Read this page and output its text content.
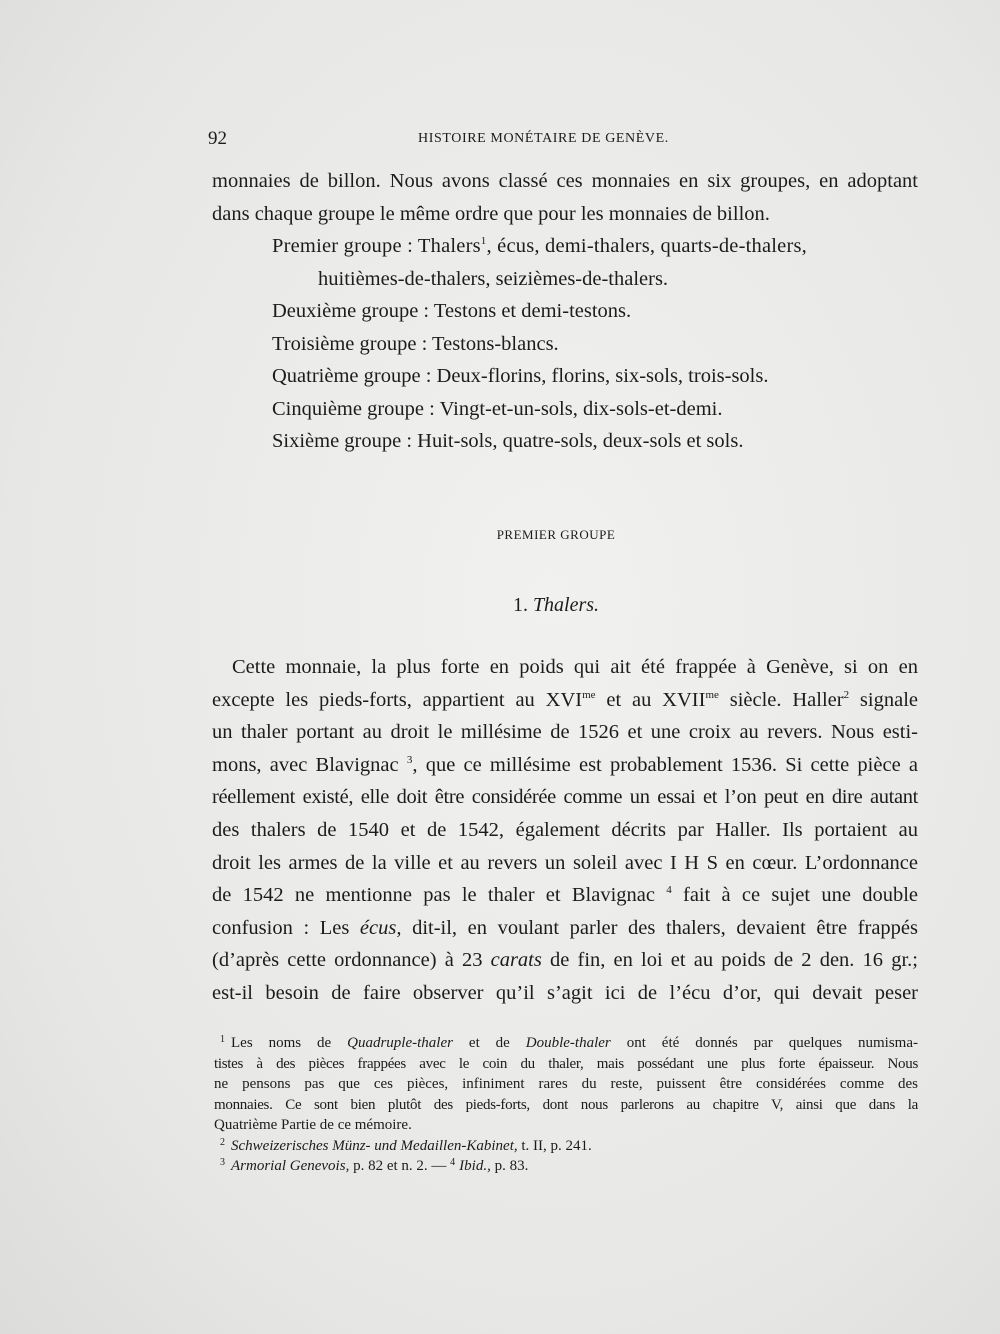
92	HISTOIRE MONÉTAIRE DE GENÈVE.
monnaies de billon. Nous avons classé ces monnaies en six groupes, en adoptant
dans chaque groupe le même ordre que pour les monnaies de billon.
Premier groupe : Thalers$^1$, écus, demi-thalers, quarts-de-thalers,
huitièmes-de-thalers, seizièmes-de-thalers.
Deuxième groupe : Testons et demi-testons.
Troisième groupe : Testons-blancs.
Quatrième groupe : Deux-florins, florins, six-sols, trois-sols.
Cinquième groupe : Vingt-et-un-sols, dix-sols-et-demi.
Sixième groupe : Huit-sols, quatre-sols, deux-sols et sols.
PREMIER GROUPE
1. Thalers.
Cette monnaie, la plus forte en poids qui ait été frappée à Genève, si on en
excepte les pieds-forts, appartient au $XVI^{me}$ et au $XVII^{me}$ siècle. Haller$^2$ signale
un thaler portant au droit le millésime de 1526 et une croix au revers. Nous esti-
mons, avec Blavignac $^3$, que ce millésime est probablement 1536. Si cette pièce a
réellement existé, elle doit être considérée comme un essai et l’on peut en dire autant
des thalers de 1540 et de 1542, également décrits par Haller. Ils portaient au
droit les armes de la ville et au revers un soleil avec I H S en cœur. L’ordonnance
de 1542 ne mentionne pas le thaler et Blavignac $^4$ fait à ce sujet une double
confusion : Les écus, dit-il, en voulant parler des thalers, devaient être frappés
(d’après cette ordonnance) à 23 carats de fin, en loi et au poids de 2 den. 16 gr.;
est-il besoin de faire observer qu’il s’agit ici de l’écu d’or, qui devait peser
$^1$ Les noms de Quadruple-thaler et de Double-thaler ont été donnés par quelques numismа-
tistes à des pièces frappées avec le coin du thaler, mais possédant une plus forte épaisseur. Nous
ne pensons pas que ces pièces, infiniment rares du reste, puissent être considérées comme des
monnaies. Ce sont bien plutôt des pieds-forts, dont nous parlerons au chapitre V, ainsi que dans la
Quatrième Partie de ce mémoire.
$^2$ Schweizerisches Münz- und Medaillen-Kabinet, t. II, p. 241.
$^3$ Armorial Genevois, p. 82 et n. 2. — $^4$ Ibid., p. 83.
